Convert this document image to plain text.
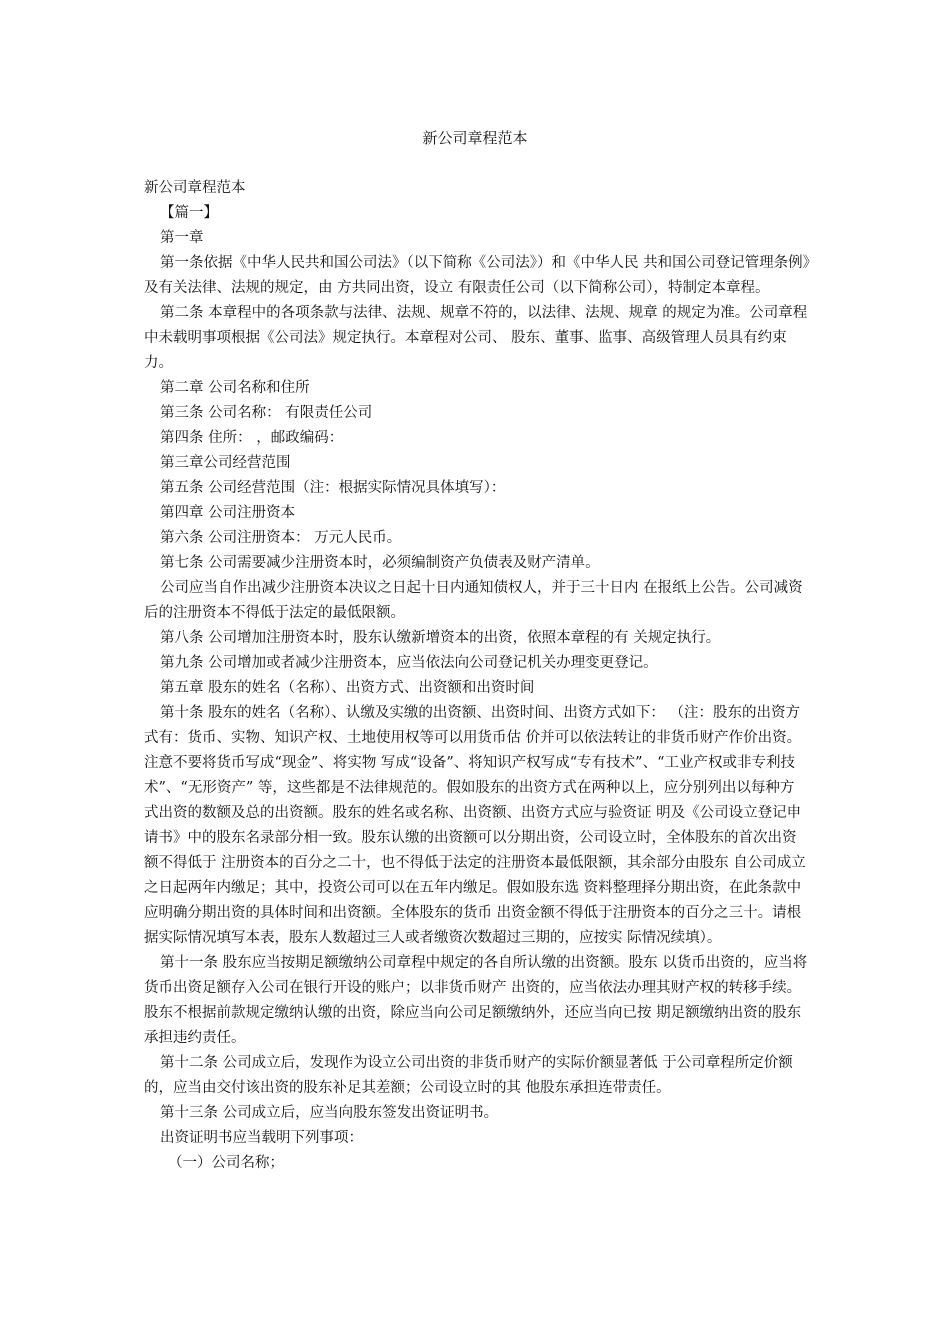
新公司章程范本

新公司章程范本

【篇一】

第一章

第一条依据《中华人民共和国公司法》（以下简称《公司法》）和《中华人民 共和国公司登记管理条例》及有关法律、法规的规定，由 方共同出资，设立 有限责任公司（以下简称公司），特制定本章程。

第二条 本章程中的各项条款与法律、法规、规章不符的，以法律、法规、规章 的规定为准。公司章程中未载明事项根据《公司法》规定执行。本章程对公司、 股东、董事、监事、高级管理人员具有约束力。

第二章 公司名称和住所

第三条 公司名称： 有限责任公司

第四条 住所： ，邮政编码：

第三章公司经营范围

第五条 公司经营范围（注：根据实际情况具体填写）：

第四章 公司注册资本

第六条 公司注册资本： 万元人民币。

第七条 公司需要减少注册资本时，必须编制资产负债表及财产清单。

公司应当自作出减少注册资本决议之日起十日内通知债权人，并于三十日内 在报纸上公告。公司减资后的注册资本不得低于法定的最低限额。

第八条 公司增加注册资本时，股东认缴新增资本的出资，依照本章程的有 关规定执行。

第九条 公司增加或者减少注册资本，应当依法向公司登记机关办理变更登记。

第五章 股东的姓名（名称）、出资方式、出资额和出资时间

第十条 股东的姓名（名称）、认缴及实缴的出资额、出资时间、出资方式如下： （注：股东的出资方式有：货币、实物、知识产权、土地使用权等可以用货币估 价并可以依法转让的非货币财产作价出资。注意不要将货币写成“现金”、将实物 写成“设备”、将知识产权写成“专有技术”、“工业产权或非专利技术”、“无形资产” 等，这些都是不法律规范的。假如股东的出资方式在两种以上，应分别列出以每种方 式出资的数额及总的出资额。股东的姓名或名称、出资额、出资方式应与验资证 明及《公司设立登记申请书》中的股东名录部分相一致。股东认缴的出资额可以分期出资，公司设立时，全体股东的首次出资额不得低于 注册资本的百分之二十，也不得低于法定的注册资本最低限额，其余部分由股东 自公司成立之日起两年内缴足；其中，投资公司可以在五年内缴足。假如股东选 资料整理择分期出资，在此条款中应明确分期出资的具体时间和出资额。全体股东的货币 出资金额不得低于注册资本的百分之三十。请根据实际情况填写本表，股东人数超过三人或者缴资次数超过三期的，应按实 际情况续填）。

第十一条 股东应当按期足额缴纳公司章程中规定的各自所认缴的出资额。股东 以货币出资的，应当将货币出资足额存入公司在银行开设的账户；以非货币财产 出资的，应当依法办理其财产权的转移手续。 股东不根据前款规定缴纳认缴的出资，除应当向公司足额缴纳外，还应当向已按 期足额缴纳出资的股东承担违约责任。

第十二条 公司成立后，发现作为设立公司出资的非货币财产的实际价额显著低 于公司章程所定价额的，应当由交付该出资的股东补足其差额；公司设立时的其 他股东承担连带责任。

第十三条 公司成立后，应当向股东签发出资证明书。

出资证明书应当载明下列事项：

（一）公司名称；
